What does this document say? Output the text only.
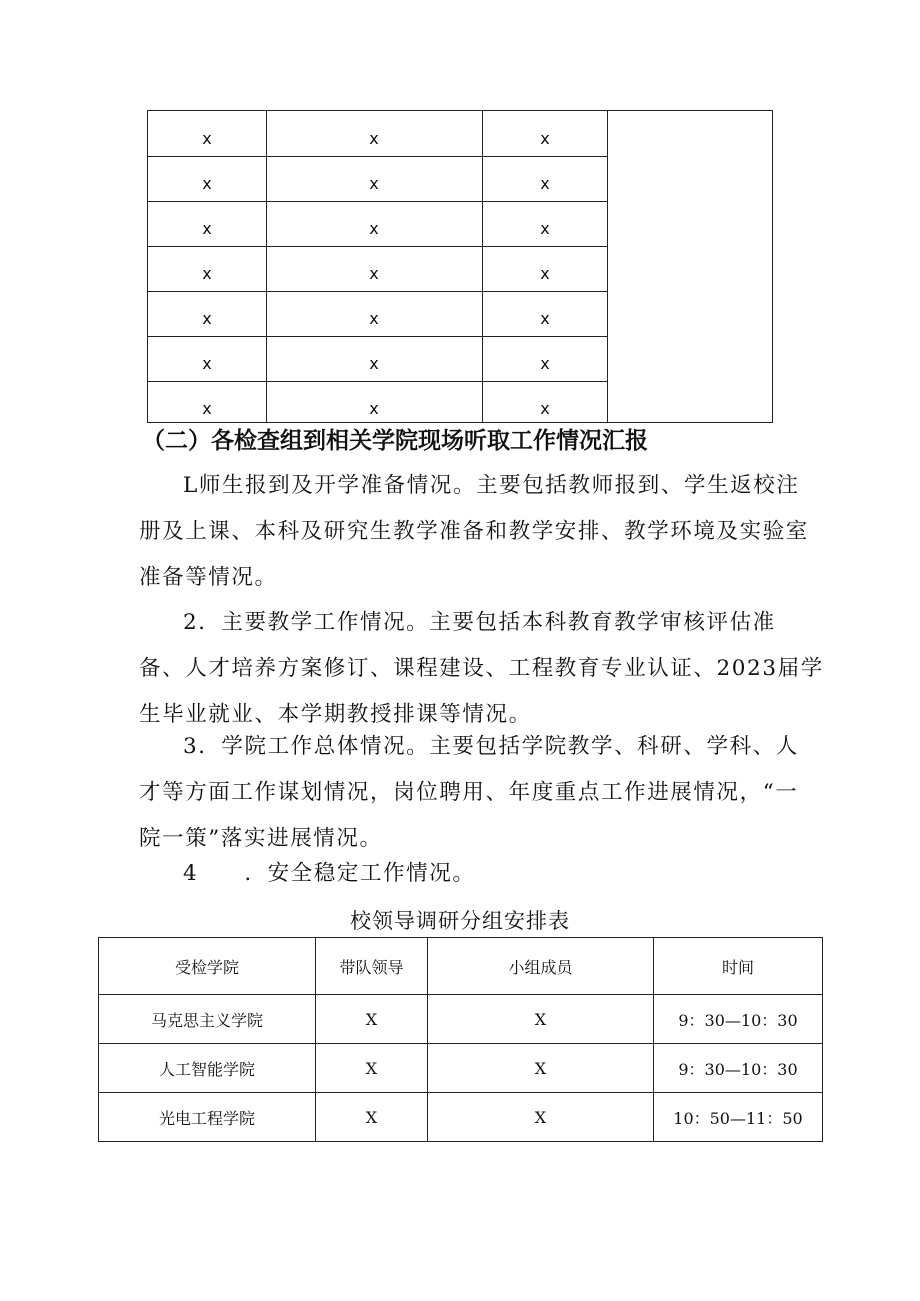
x	x	x
x	x	x
x	x	x
x	x	x
x	x	x
x	x	x
x	x	x
（二）各检查组到相关学院现场听取工作情况汇报
L师生报到及开学准备情况。主要包括教师报到、学生返校注
册及上课、本科及研究生教学准备和教学安排、教学环境及实验室
准备等情况。
2．主要教学工作情况。主要包括本科教育教学审核评估准
备、人才培养方案修订、课程建设、工程教育专业认证、2023届学
生毕业就业、本学期教授排课等情况。
3．学院工作总体情况。主要包括学院教学、科研、学科、人
才等方面工作谋划情况，岗位聘用、年度重点工作进展情况，“一
院一策”落实进展情况。
4　　．安全稳定工作情况。
校领导调研分组安排表
受检学院	带队领导	小组成员	时间
马克思主义学院	X	X	9：30—10：30
人工智能学院	X	X	9：30—10：30
光电工程学院	X	X	10：50—11：50
